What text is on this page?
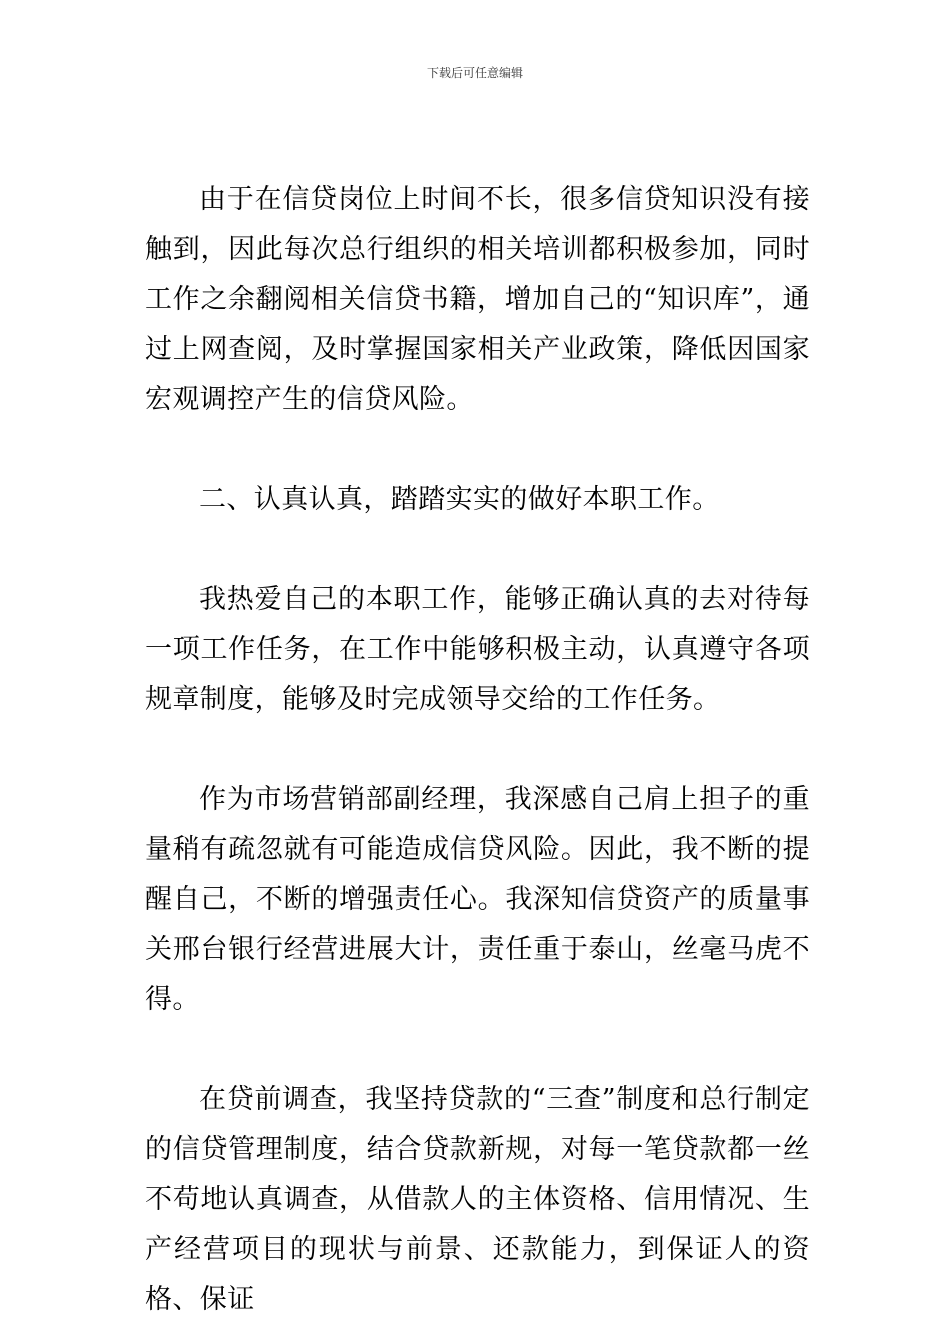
下载后可任意编辑

由于在信贷岗位上时间不长，很多信贷知识没有接触到，因此每次总行组织的相关培训都积极参加，同时工作之余翻阅相关信贷书籍，增加自己的“知识库”，通过上网查阅，及时掌握国家相关产业政策，降低因国家宏观调控产生的信贷风险。

二、认真认真，踏踏实实的做好本职工作。

我热爱自己的本职工作，能够正确认真的去对待每一项工作任务，在工作中能够积极主动，认真遵守各项规章制度，能够及时完成领导交给的工作任务。

作为市场营销部副经理，我深感自己肩上担子的重量稍有疏忽就有可能造成信贷风险。因此，我不断的提醒自己，不断的增强责任心。我深知信贷资产的质量事关邢台银行经营进展大计，责任重于泰山，丝毫马虎不得。

在贷前调查，我坚持贷款的“三查”制度和总行制定的信贷管理制度，结合贷款新规，对每一笔贷款都一丝不苟地认真调查，从借款人的主体资格、信用情况、生产经营项目的现状与前景、还款能力，到保证人的资格、保证
